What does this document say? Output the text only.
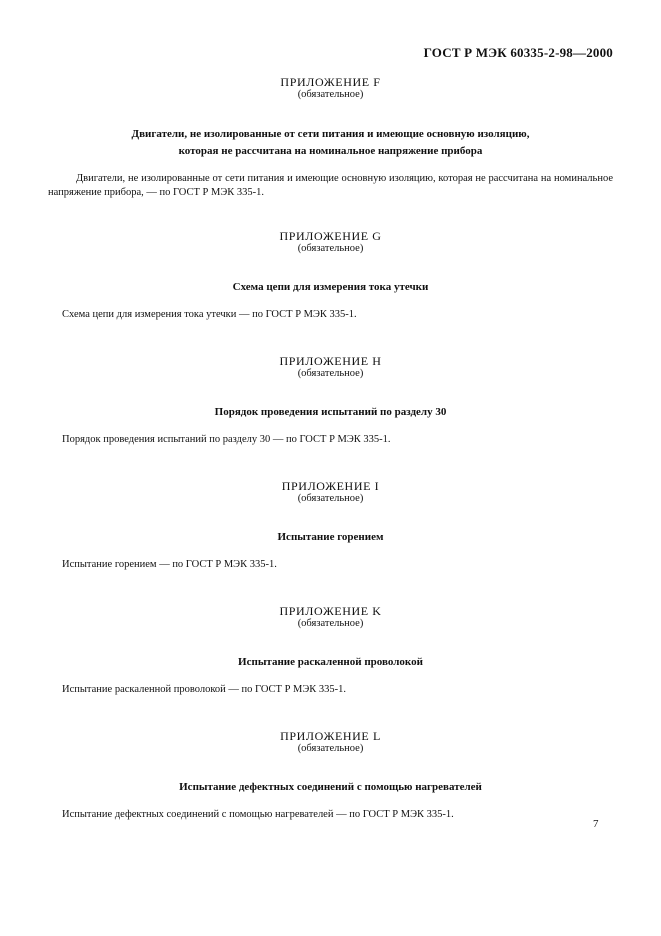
ГОСТ Р МЭК 60335-2-98—2000
ПРИЛОЖЕНИЕ F
(обязательное)
Двигатели, не изолированные от сети питания и имеющие основную изоляцию,
которая не рассчитана на номинальное напряжение прибора
Двигатели, не изолированные от сети питания и имеющие основную изоляцию, которая не рассчитана на номинальное напряжение прибора, — по ГОСТ Р МЭК 335-1.
ПРИЛОЖЕНИЕ G
(обязательное)
Схема цепи для измерения тока утечки
Схема цепи для измерения тока утечки — по ГОСТ Р МЭК 335-1.
ПРИЛОЖЕНИЕ H
(обязательное)
Порядок проведения испытаний по разделу 30
Порядок проведения испытаний по разделу 30 — по ГОСТ Р МЭК 335-1.
ПРИЛОЖЕНИЕ I
(обязательное)
Испытание горением
Испытание горением — по ГОСТ Р МЭК 335-1.
ПРИЛОЖЕНИЕ K
(обязательное)
Испытание раскаленной проволокой
Испытание раскаленной проволокой — по ГОСТ Р МЭК 335-1.
ПРИЛОЖЕНИЕ L
(обязательное)
Испытание дефектных соединений с помощью нагревателей
Испытание дефектных соединений с помощью нагревателей — по ГОСТ Р МЭК 335-1.
7
